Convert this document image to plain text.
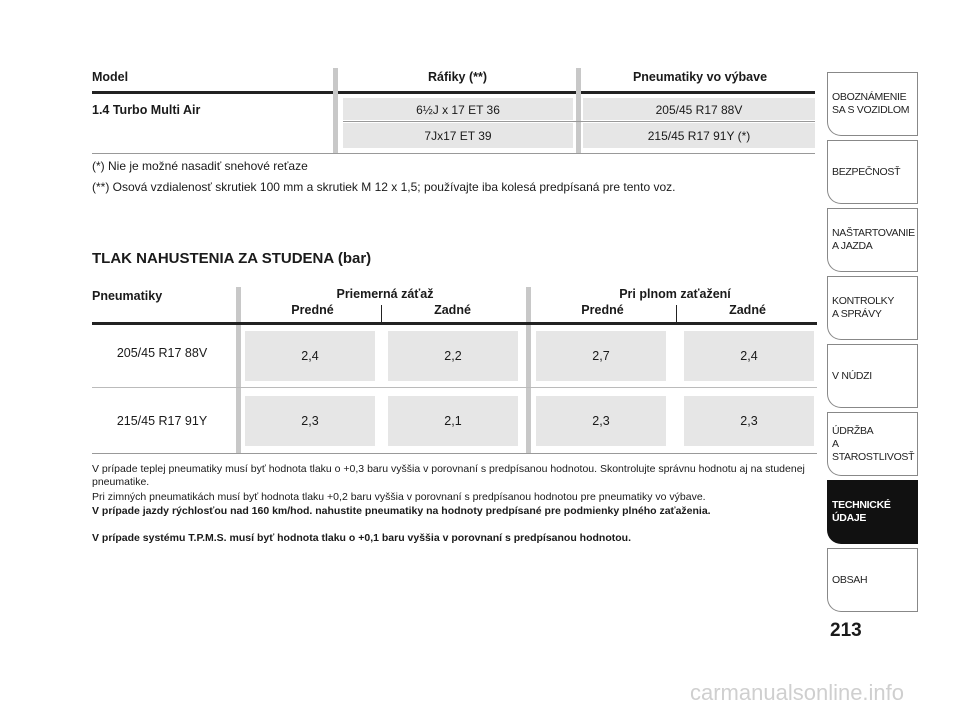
Model	Ráfiky (**)	Pneumatiky vo výbave
1.4 Turbo Multi Air	6½J x 17 ET 36	205/45 R17 88V
7Jx17 ET 39	215/45 R17 91Y (*)
(*) Nie je možné nasadiť snehové reťaze
(**) Osová vzdialenosť skrutiek 100 mm a skrutiek M 12 x 1,5; používajte iba kolesá predpísaná pre tento voz.
TLAK NAHUSTENIA ZA STUDENA (bar)
Pneumatiky	Priemerná záťaž
Predné	Zadné
Pri plnom zaťažení
Predné	Zadné
205/45 R17 88V	2,4	2,2	2,7	2,4
215/45 R17 91Y	2,3	2,1	2,3	2,3
V prípade teplej pneumatiky musí byť hodnota tlaku o +0,3 baru vyššia v porovnaní s predpísanou hodnotou. Skontrolujte správnu hodnotu aj na studenej pneumatike.
Pri zimných pneumatikách musí byť hodnota tlaku +0,2 baru vyššia v porovnaní s predpísanou hodnotou pre pneumatiky vo výbave.
V prípade jazdy rýchlosťou nad 160 km/hod. nahustite pneumatiky na hodnoty predpísané pre podmienky plného zaťaženia.
V prípade systému T.P.M.S. musí byť hodnota tlaku o +0,1 baru vyššia v porovnaní s predpísanou hodnotou.
OBOZNÁMENIE
SA S VOZIDLOM
BEZPEČNOSŤ
NAŠTARTOVANIE
A JAZDA
KONTROLKY
A SPRÁVY
V NÚDZI
ÚDRŽBA
A STAROSTLIVOSŤ
TECHNICKÉ
ÚDAJE
OBSAH
213
carmanualsonline.info
